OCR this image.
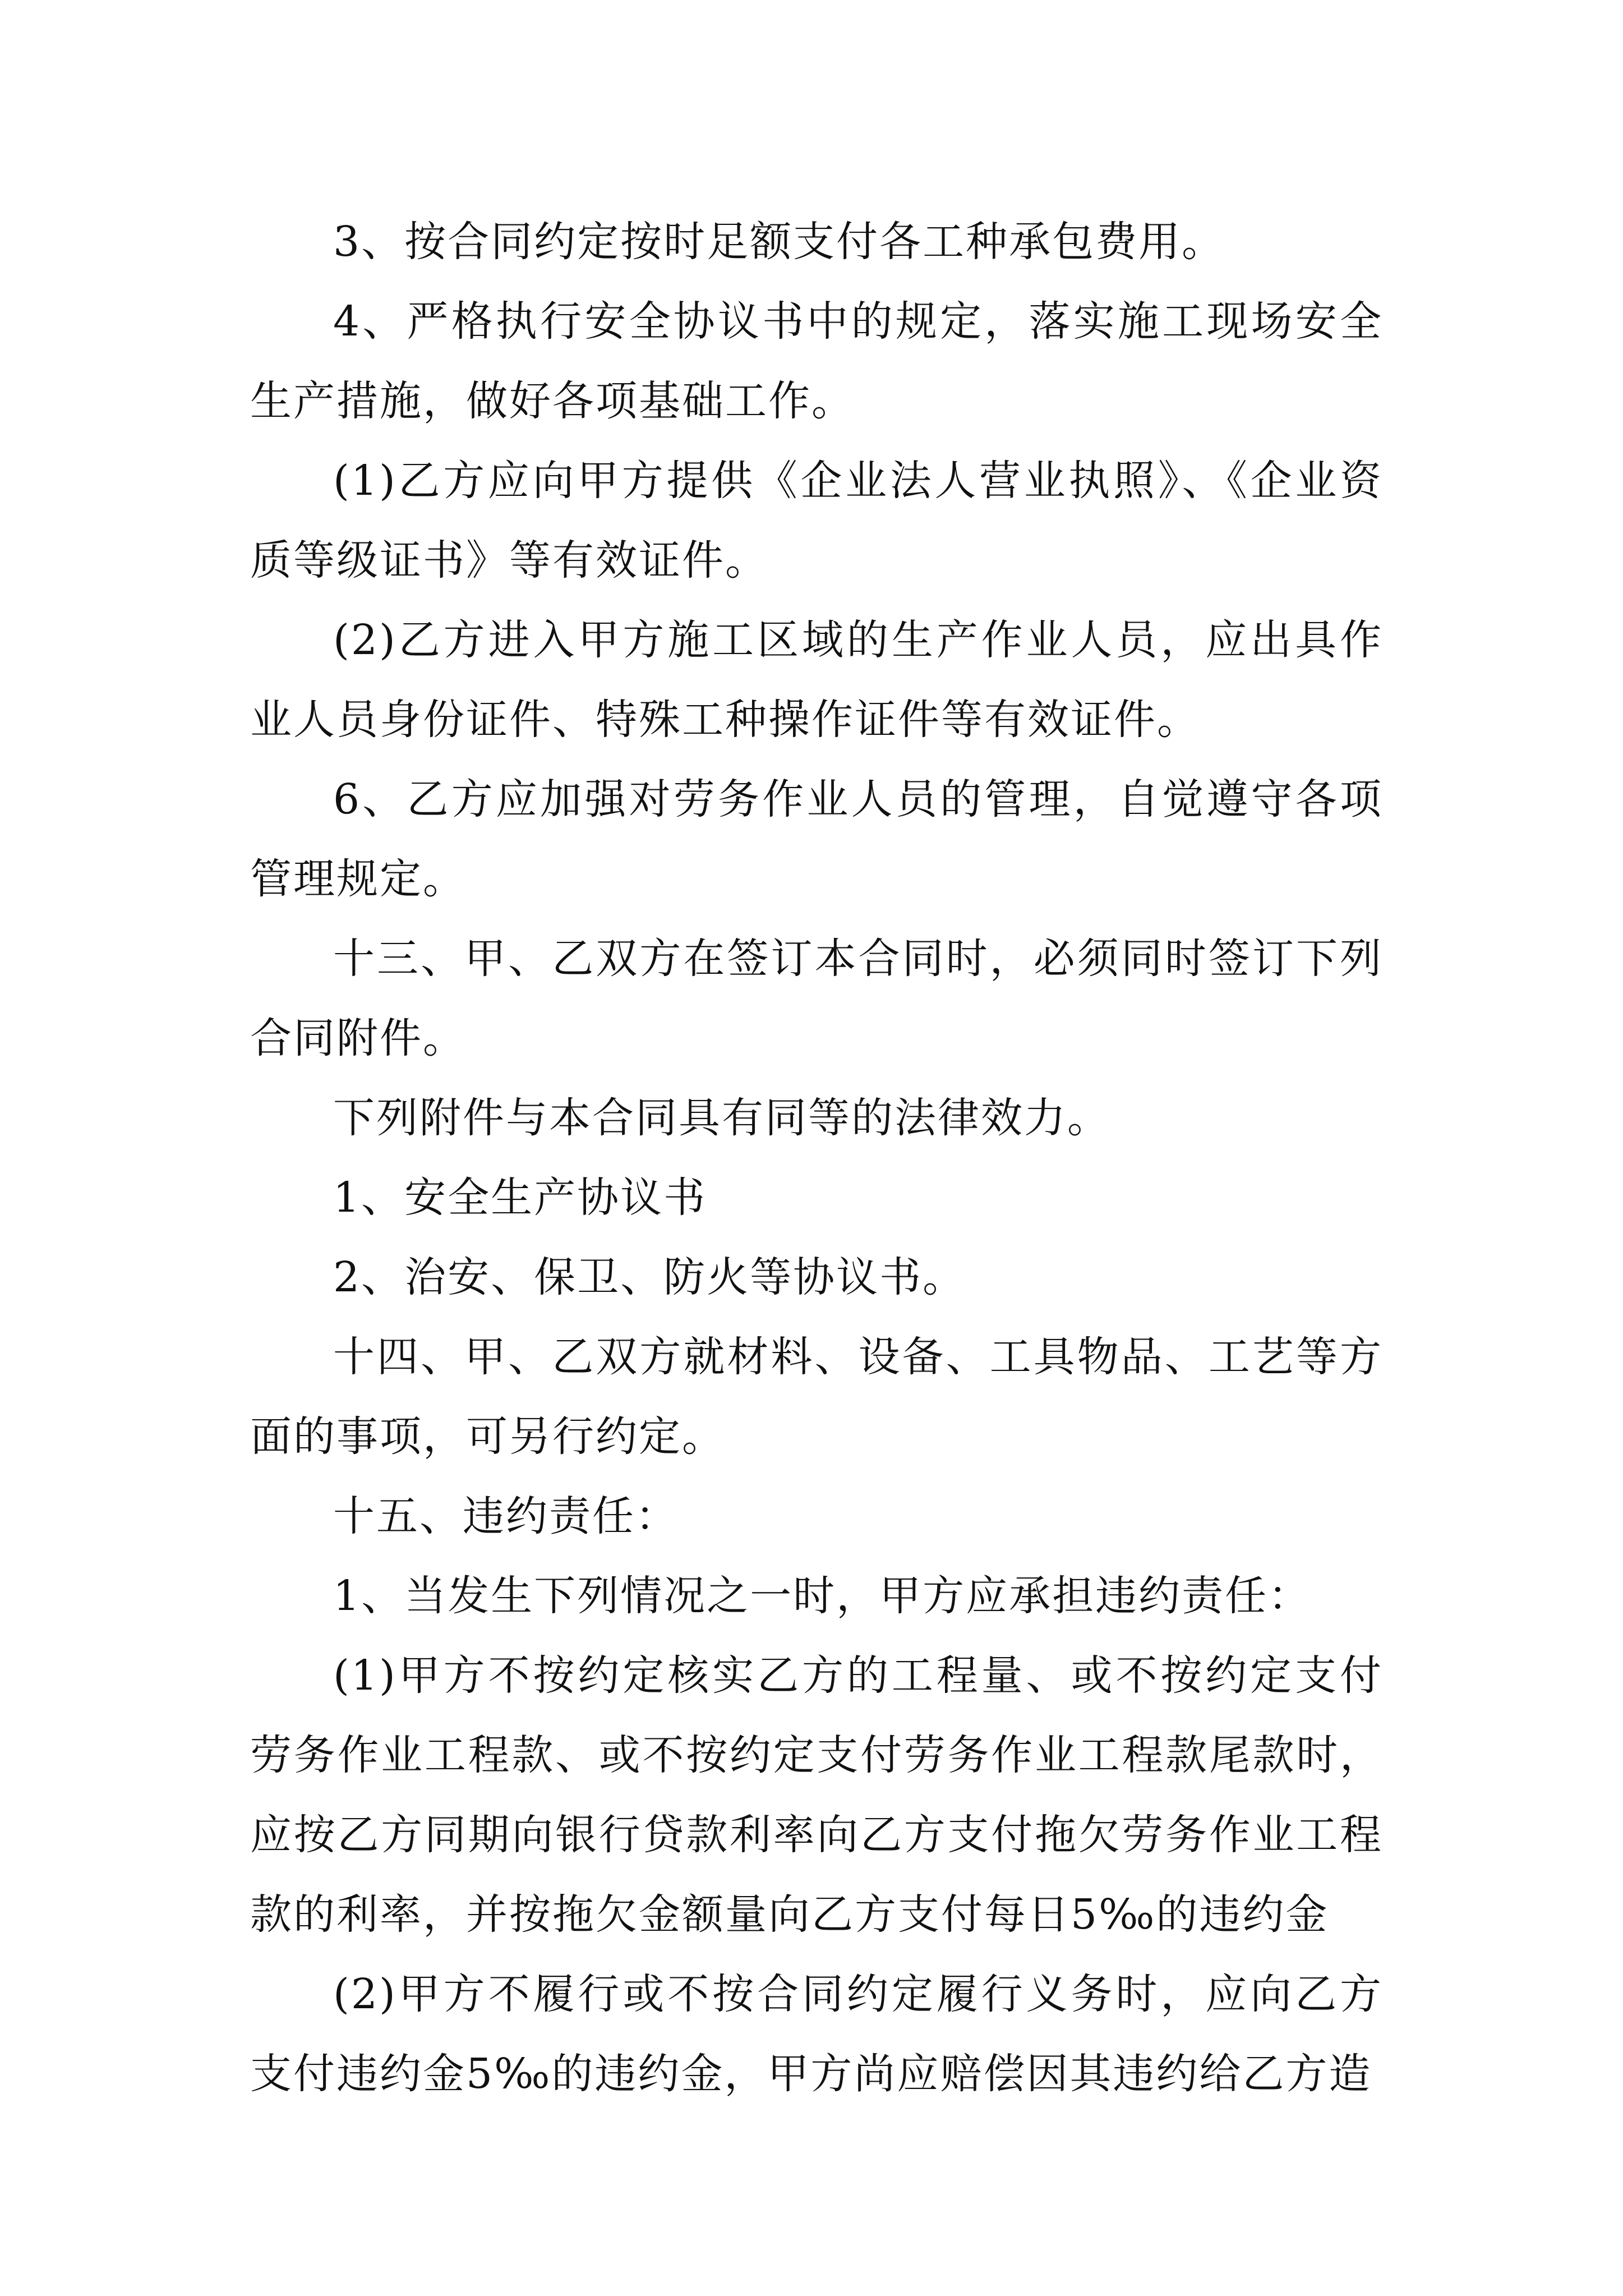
3、按合同约定按时足额支付各工种承包费用。

4、严格执行安全协议书中的规定，落实施工现场安全生产措施，做好各项基础工作。

(1)乙方应向甲方提供《企业法人营业执照》、《企业资质等级证书》等有效证件。

(2)乙方进入甲方施工区域的生产作业人员，应出具作业人员身份证件、特殊工种操作证件等有效证件。

6、乙方应加强对劳务作业人员的管理，自觉遵守各项管理规定。

十三、甲、乙双方在签订本合同时，必须同时签订下列合同附件。

下列附件与本合同具有同等的法律效力。

1、安全生产协议书

2、治安、保卫、防火等协议书。

十四、甲、乙双方就材料、设备、工具物品、工艺等方面的事项，可另行约定。

十五、违约责任：

1、当发生下列情况之一时，甲方应承担违约责任：

(1)甲方不按约定核实乙方的工程量、或不按约定支付劳务作业工程款、或不按约定支付劳务作业工程款尾款时，应按乙方同期向银行贷款利率向乙方支付拖欠劳务作业工程款的利率，并按拖欠金额量向乙方支付每日5‰的违约金

(2)甲方不履行或不按合同约定履行义务时，应向乙方支付违约金5‰的违约金，甲方尚应赔偿因其违约给乙方造
